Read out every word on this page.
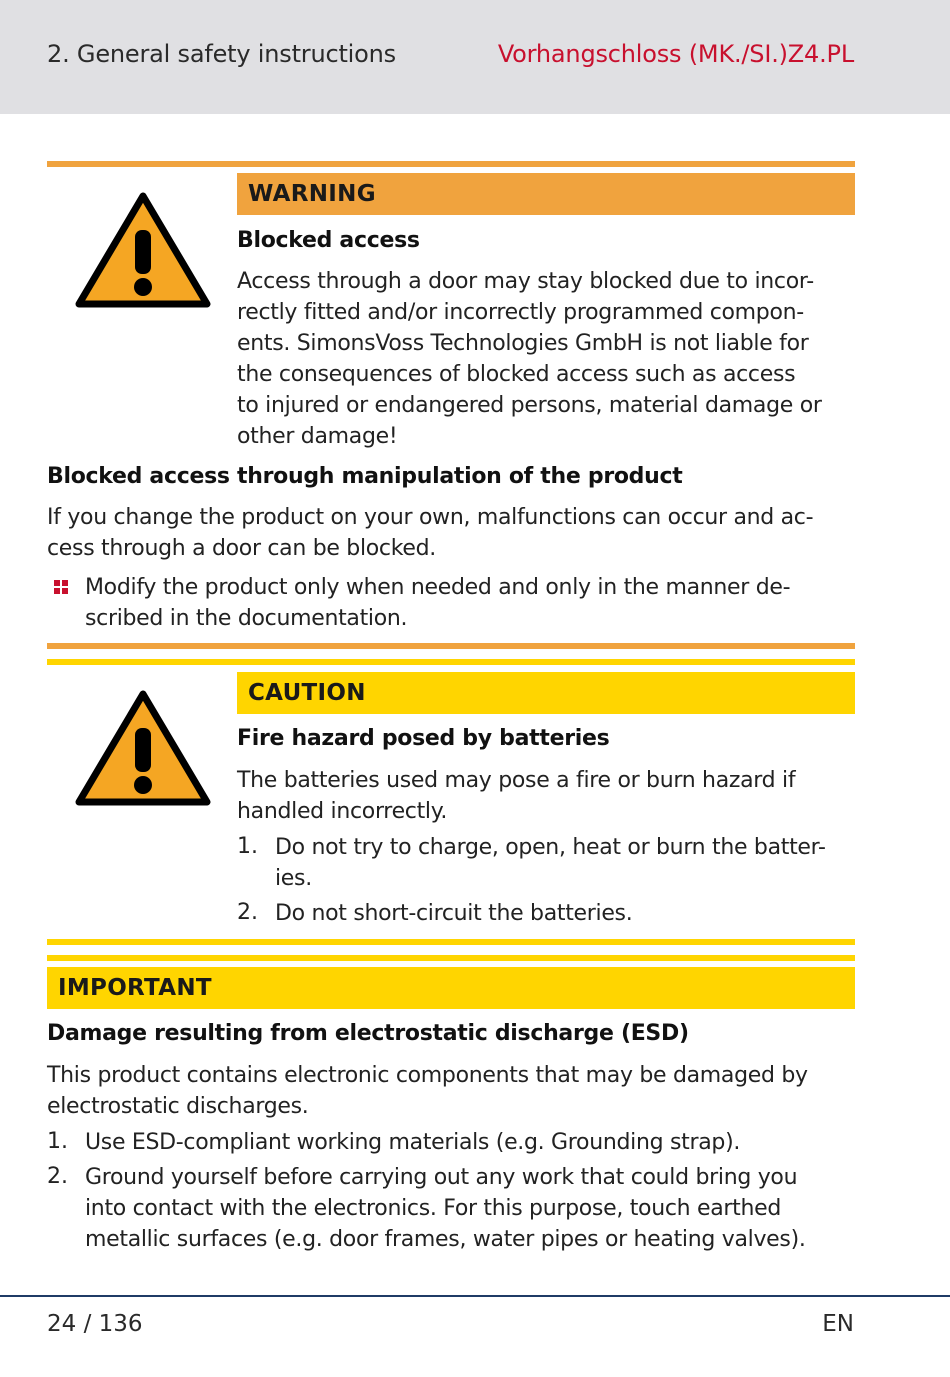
2. General safety instructions	Vorhangschloss (MK./SI.)Z4.PL
WARNING
Blocked access
Access through a door may stay blocked due to incor-
rectly fitted and/or incorrectly programmed compon-
ents. SimonsVoss Technologies GmbH is not liable for
the consequences of blocked access such as access
to injured or endangered persons, material damage or
other damage!
Blocked access through manipulation of the product
If you change the product on your own, malfunctions can occur and ac-
cess through a door can be blocked.
Modify the product only when needed and only in the manner de-
scribed in the documentation.
CAUTION
Fire hazard posed by batteries
The batteries used may pose a fire or burn hazard if
handled incorrectly.
1. Do not try to charge, open, heat or burn the batter-
ies.
2. Do not short-circuit the batteries.
IMPORTANT
Damage resulting from electrostatic discharge (ESD)
This product contains electronic components that may be damaged by
electrostatic discharges.
1. Use ESD-compliant working materials (e.g. Grounding strap).
2. Ground yourself before carrying out any work that could bring you
into contact with the electronics. For this purpose, touch earthed
metallic surfaces (e.g. door frames, water pipes or heating valves).
24 / 136	EN
